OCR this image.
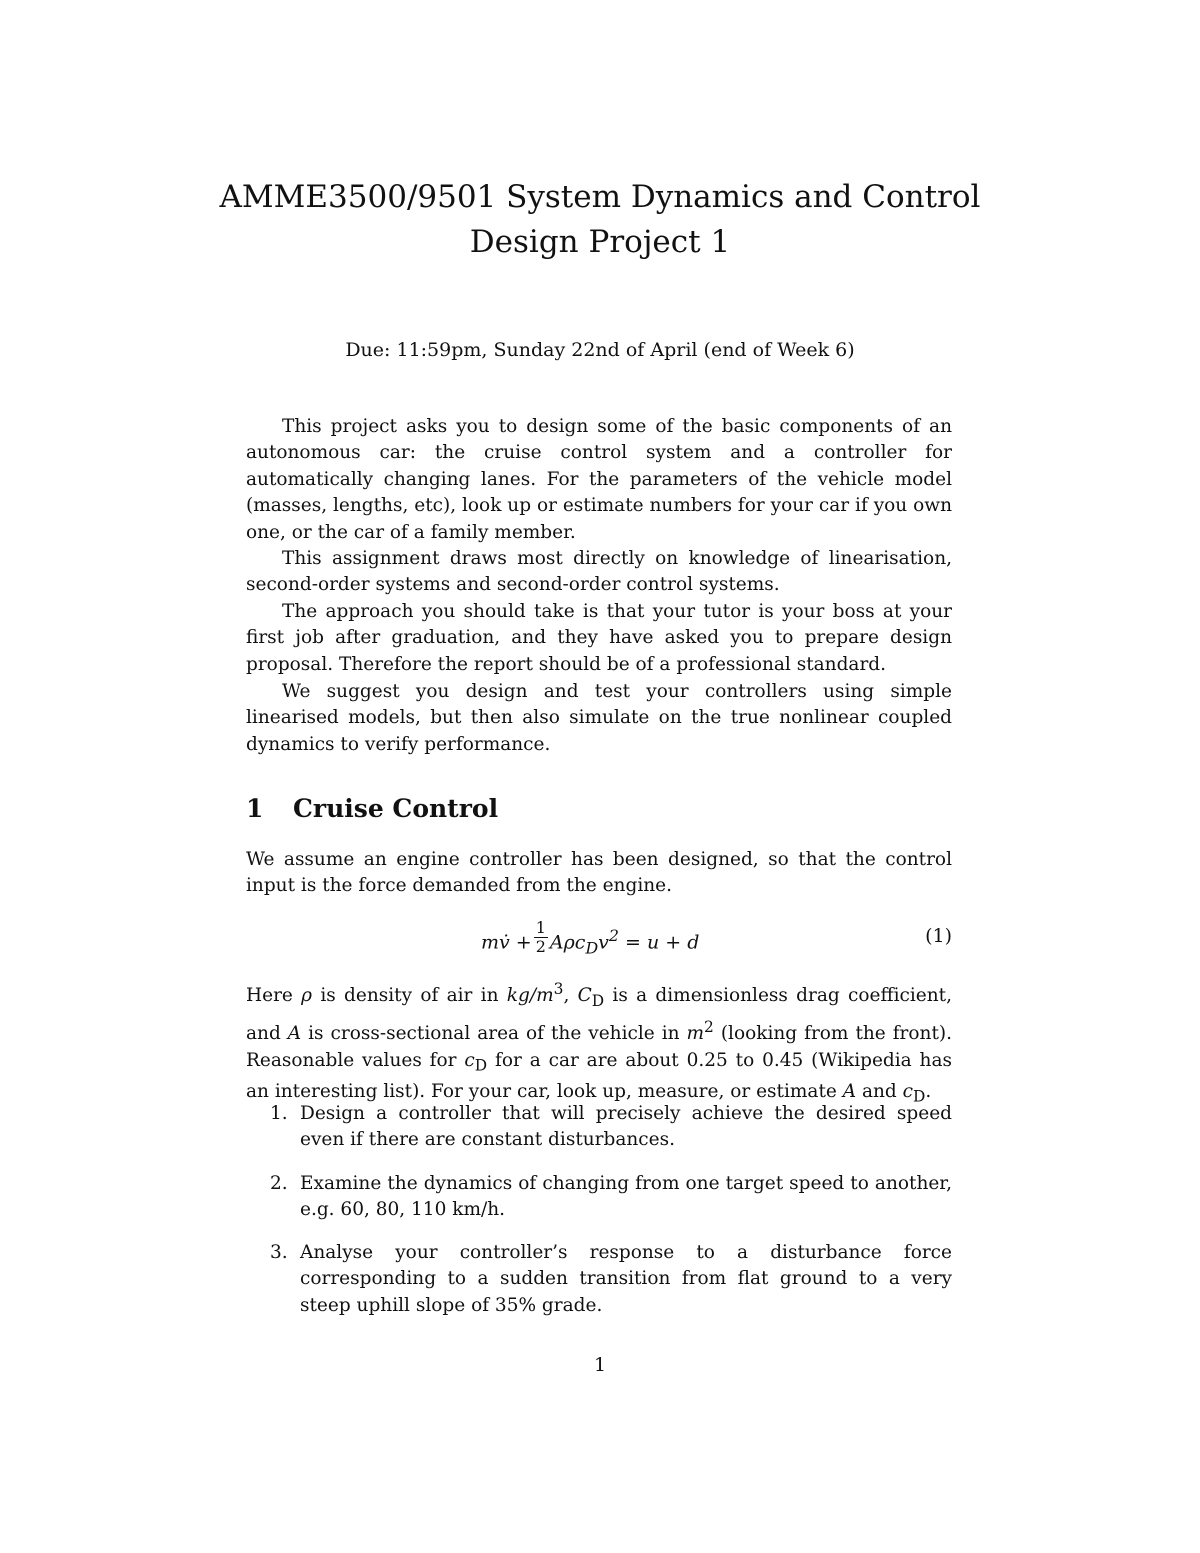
AMME3500/9501 System Dynamics and Control
Design Project 1
Due: 11:59pm, Sunday 22nd of April (end of Week 6)

This project asks you to design some of the basic components of an autonomous car: the cruise control system and a controller for automatically changing lanes. For the parameters of the vehicle model (masses, lengths, etc), look up or estimate numbers for your car if you own one, or the car of a family member.

This assignment draws most directly on knowledge of linearisation, second-order systems and second-order control systems.

The approach you should take is that your tutor is your boss at your first job after graduation, and they have asked you to prepare design proposal. Therefore the report should be of a professional standard.

We suggest you design and test your controllers using simple linearised models, but then also simulate on the true nonlinear coupled dynamics to verify performance.

1 Cruise Control

We assume an engine controller has been designed, so that the control input is the force demanded from the engine.

mv̇ + $\frac{1}{2} A\rho c_Dv^2 = u + d$	(1)

Here ρ is density of air in $kg/m^3$, $C_D$ is a dimensionless drag coefficient, and A is cross-sectional area of the vehicle in $m^2$ (looking from the front). Reasonable values for $c_D$ for a car are about 0.25 to 0.45 (Wikipedia has an interesting list). For your car, look up, measure, or estimate A and $c_D$.

1. Design a controller that will precisely achieve the desired speed even if there are constant disturbances.
2. Examine the dynamics of changing from one target speed to another, e.g. 60, 80, 110 km/h.
3. Analyse your controller’s response to a disturbance force corresponding to a sudden transition from flat ground to a very steep uphill slope of 35% grade.
1
